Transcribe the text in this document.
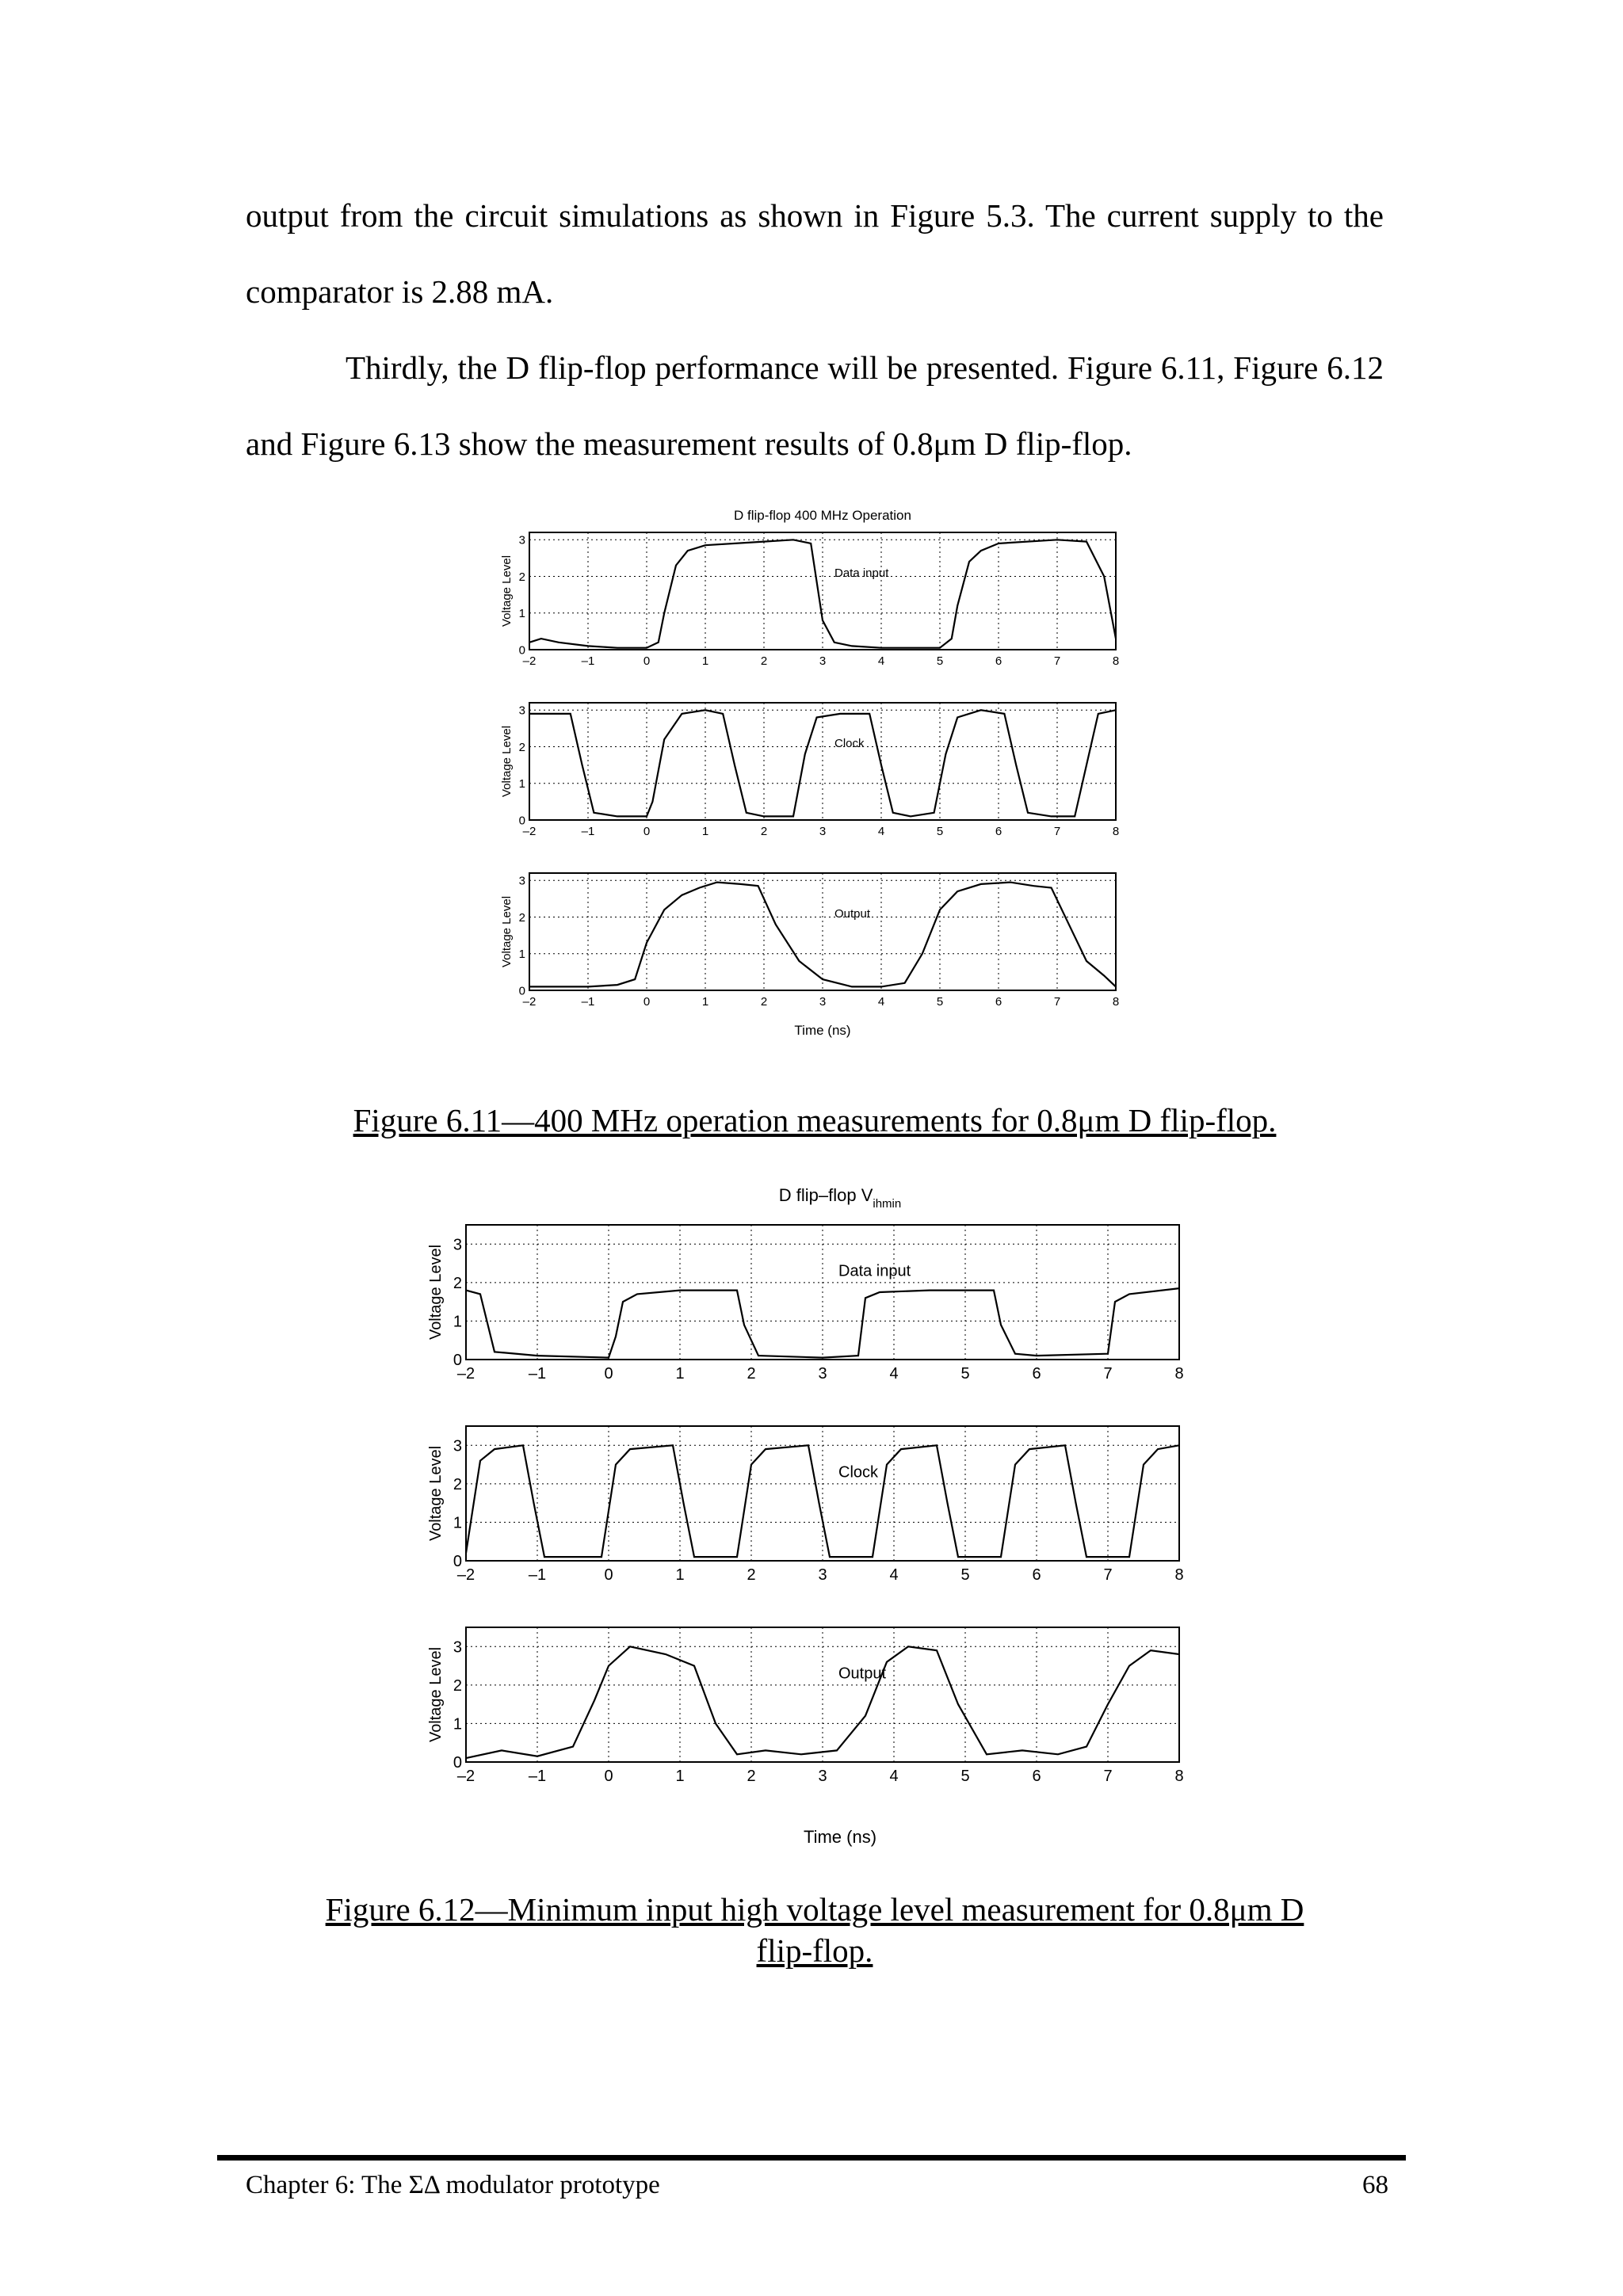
output from the circuit simulations as shown in Figure 5.3. The current supply to the comparator is 2.88 mA.

Thirdly, the D flip-flop performance will be presented. Figure 6.11, Figure 6.12 and Figure 6.13 show the measurement results of 0.8μm D flip-flop.

D flip-flop 400 MHz Operation
–2	–1	0	1	2	3	4	5	6	7	8
0
1
2
3
Voltage Level	Data input
–2	–1	0	1	2	3	4	5	6	7	8
0
1
2
3
Voltage Level	Clock
–2	–1	0	1	2	3	4	5	6	7	8
0
1
2
3
Voltage Level	Output
Time (ns)
Figure 6.11—400 MHz operation measurements for 0.8μm D flip-flop.
D flip–flop $V_{ihmin}$
–2	–1	0	1	2	3	4	5	6	7	8
0
1
2
3
Voltage Level	Data input
–2	–1	0	1	2	3	4	5	6	7	8
0
1
2
3
Voltage Level	Clock
–2	–1	0	1	2	3	4	5	6	7	8
0
1
2
3
Voltage Level	Output
Time (ns)
Figure 6.12—Minimum input high voltage level measurement for 0.8μm D
flip-flop.
Chapter 6: The ΣΔ modulator prototype	68
